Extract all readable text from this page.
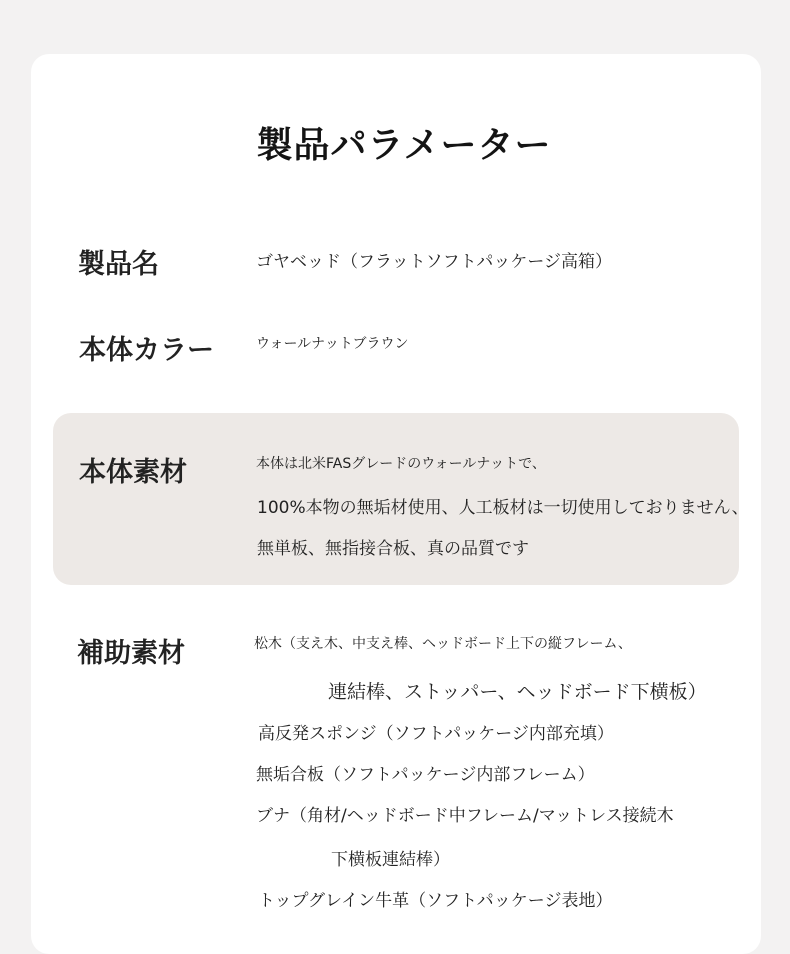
製品パラメーター
製品名	ゴヤベッド（フラットソフトパッケージ高箱）
本体カラー	ウォールナットブラウン
本体素材	本体は北米FASグレードのウォールナットで、
100%本物の無垢材使用、人工板材は一切使用しておりません、
無単板、無指接合板、真の品質です
補助素材	松木（支え木、中支え棒、ヘッドボード上下の縦フレーム、
連結棒、ストッパー、ヘッドボード下横板）
高反発スポンジ（ソフトパッケージ内部充填）
無垢合板（ソフトパッケージ内部フレーム）
ブナ（角材/ヘッドボード中フレーム/マットレス接続木
下横板連結棒）
トップグレイン牛革（ソフトパッケージ表地）
